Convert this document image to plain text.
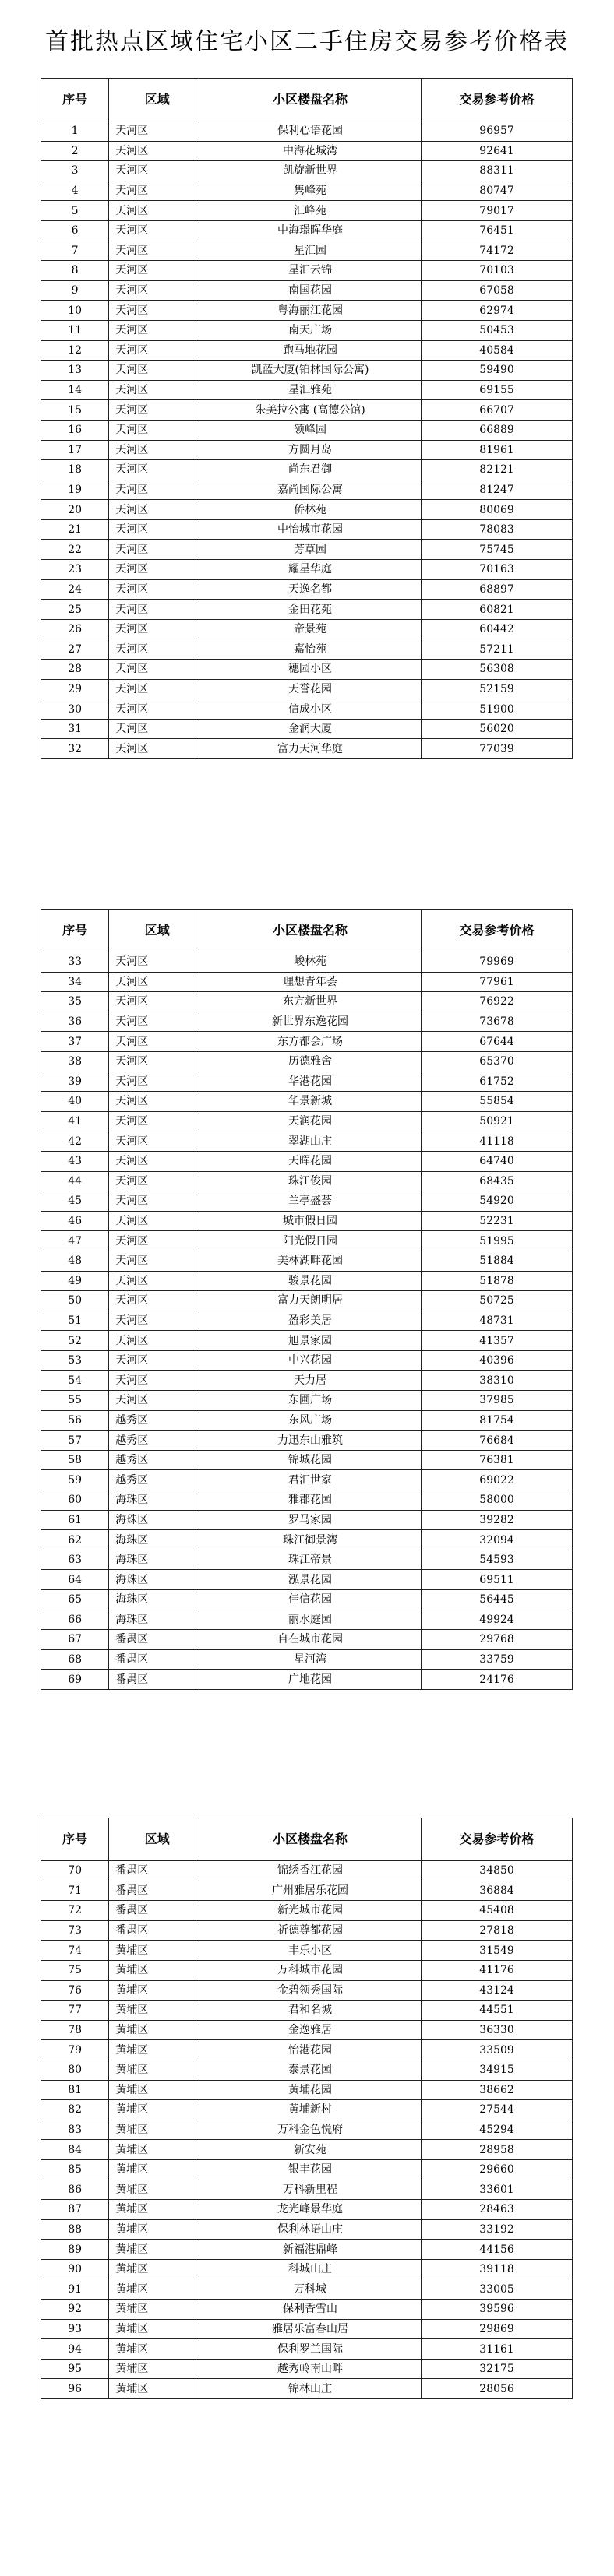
首批热点区域住宅小区二手住房交易参考价格表
序号	区域	小区楼盘名称	交易参考价格
1	天河区	保利心语花园	96957
2	天河区	中海花城湾	92641
3	天河区	凯旋新世界	88311
4	天河区	隽峰苑	80747
5	天河区	汇峰苑	79017
6	天河区	中海璟晖华庭	76451
7	天河区	星汇园	74172
8	天河区	星汇云锦	70103
9	天河区	南国花园	67058
10	天河区	粤海丽江花园	62974
11	天河区	南天广场	50453
12	天河区	跑马地花园	40584
13	天河区	凯蓝大厦(铂林国际公寓)	59490
14	天河区	星汇雅苑	69155
15	天河区	朱美拉公寓 (高德公馆)	66707
16	天河区	领峰园	66889
17	天河区	方圆月岛	81961
18	天河区	尚东君御	82121
19	天河区	嘉尚国际公寓	81247
20	天河区	侨林苑	80069
21	天河区	中怡城市花园	78083
22	天河区	芳草园	75745
23	天河区	耀星华庭	70163
24	天河区	天逸名都	68897
25	天河区	金田花苑	60821
26	天河区	帝景苑	60442
27	天河区	嘉怡苑	57211
28	天河区	穗园小区	56308
29	天河区	天誉花园	52159
30	天河区	信成小区	51900
31	天河区	金润大厦	56020
32	天河区	富力天河华庭	77039
序号	区域	小区楼盘名称	交易参考价格
33	天河区	峻林苑	79969
34	天河区	理想青年荟	77961
35	天河区	东方新世界	76922
36	天河区	新世界东逸花园	73678
37	天河区	东方都会广场	67644
38	天河区	历德雅舍	65370
39	天河区	华港花园	61752
40	天河区	华景新城	55854
41	天河区	天润花园	50921
42	天河区	翠湖山庄	41118
43	天河区	天晖花园	64740
44	天河区	珠江俊园	68435
45	天河区	兰亭盛荟	54920
46	天河区	城市假日园	52231
47	天河区	阳光假日园	51995
48	天河区	美林湖畔花园	51884
49	天河区	骏景花园	51878
50	天河区	富力天朗明居	50725
51	天河区	盈彩美居	48731
52	天河区	旭景家园	41357
53	天河区	中兴花园	40396
54	天河区	天力居	38310
55	天河区	东圃广场	37985
56	越秀区	东风广场	81754
57	越秀区	力迅东山雅筑	76684
58	越秀区	锦城花园	76381
59	越秀区	君汇世家	69022
60	海珠区	雅郡花园	58000
61	海珠区	罗马家园	39282
62	海珠区	珠江御景湾	32094
63	海珠区	珠江帝景	54593
64	海珠区	泓景花园	69511
65	海珠区	佳信花园	56445
66	海珠区	丽水庭园	49924
67	番禺区	自在城市花园	29768
68	番禺区	星河湾	33759
69	番禺区	广地花园	24176
序号	区域	小区楼盘名称	交易参考价格
70	番禺区	锦绣香江花园	34850
71	番禺区	广州雅居乐花园	36884
72	番禺区	新光城市花园	45408
73	番禺区	祈德尊都花园	27818
74	黄埔区	丰乐小区	31549
75	黄埔区	万科城市花园	41176
76	黄埔区	金碧领秀国际	43124
77	黄埔区	君和名城	44551
78	黄埔区	金逸雅居	36330
79	黄埔区	怡港花园	33509
80	黄埔区	泰景花园	34915
81	黄埔区	黄埔花园	38662
82	黄埔区	黄埔新村	27544
83	黄埔区	万科金色悦府	45294
84	黄埔区	新安苑	28958
85	黄埔区	银丰花园	29660
86	黄埔区	万科新里程	33601
87	黄埔区	龙光峰景华庭	28463
88	黄埔区	保利林语山庄	33192
89	黄埔区	新福港鼎峰	44156
90	黄埔区	科城山庄	39118
91	黄埔区	万科城	33005
92	黄埔区	保利香雪山	39596
93	黄埔区	雅居乐富春山居	29869
94	黄埔区	保利罗兰国际	31161
95	黄埔区	越秀岭南山畔	32175
96	黄埔区	锦林山庄	28056
